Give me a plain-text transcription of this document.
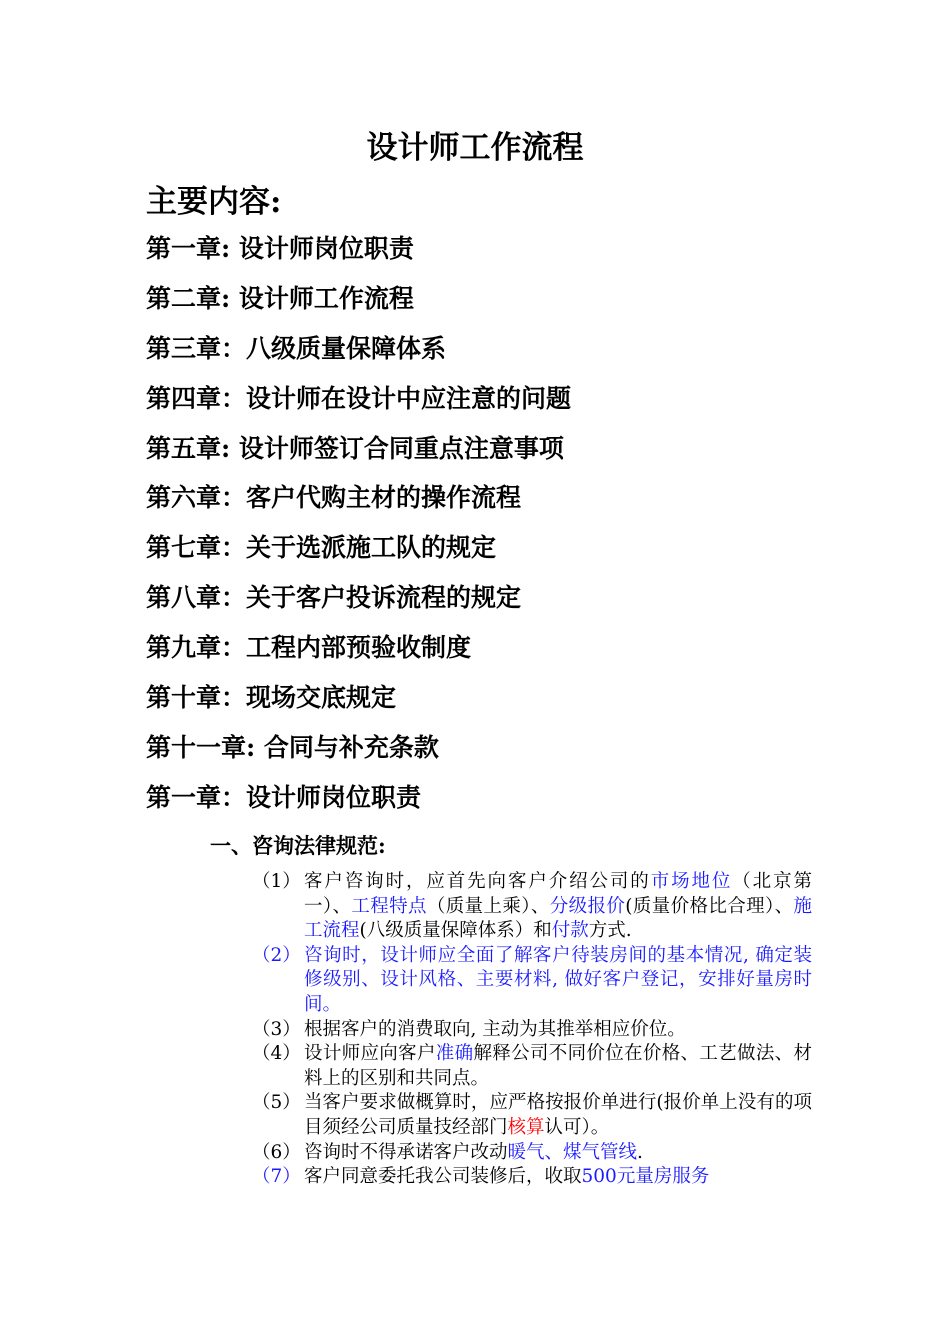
设计师工作流程
主要内容:
第一章: 设计师岗位职责
第二章: 设计师工作流程
第三章：八级质量保障体系
第四章：设计师在设计中应注意的问题
第五章: 设计师签订合同重点注意事项
第六章：客户代购主材的操作流程
第七章：关于选派施工队的规定
第八章：关于客户投诉流程的规定
第九章：工程内部预验收制度
第十章：现场交底规定
第十一章: 合同与补充条款
第一章：设计师岗位职责
一、咨询法律规范:
（1） 客户咨询时，应首先向客户介绍公司的市场地位（北京第一）、工程特点（质量上乘）、分级报价(质量价格比合理）、施工流程(八级质量保障体系）和付款方式.
（2） 咨询时，设计师应全面了解客户待装房间的基本情况, 确定装修级别、设计风格、主要材料, 做好客户登记，安排好量房时间。
（3） 根据客户的消费取向, 主动为其推举相应价位。
（4） 设计师应向客户准确解释公司不同价位在价格、工艺做法、材料上的区别和共同点。
（5） 当客户要求做概算时，应严格按报价单进行(报价单上没有的项目须经公司质量技经部门核算认可）。
（6） 咨询时不得承诺客户改动暖气、煤气管线.
（7） 客户同意委托我公司装修后，收取500元量房服务
